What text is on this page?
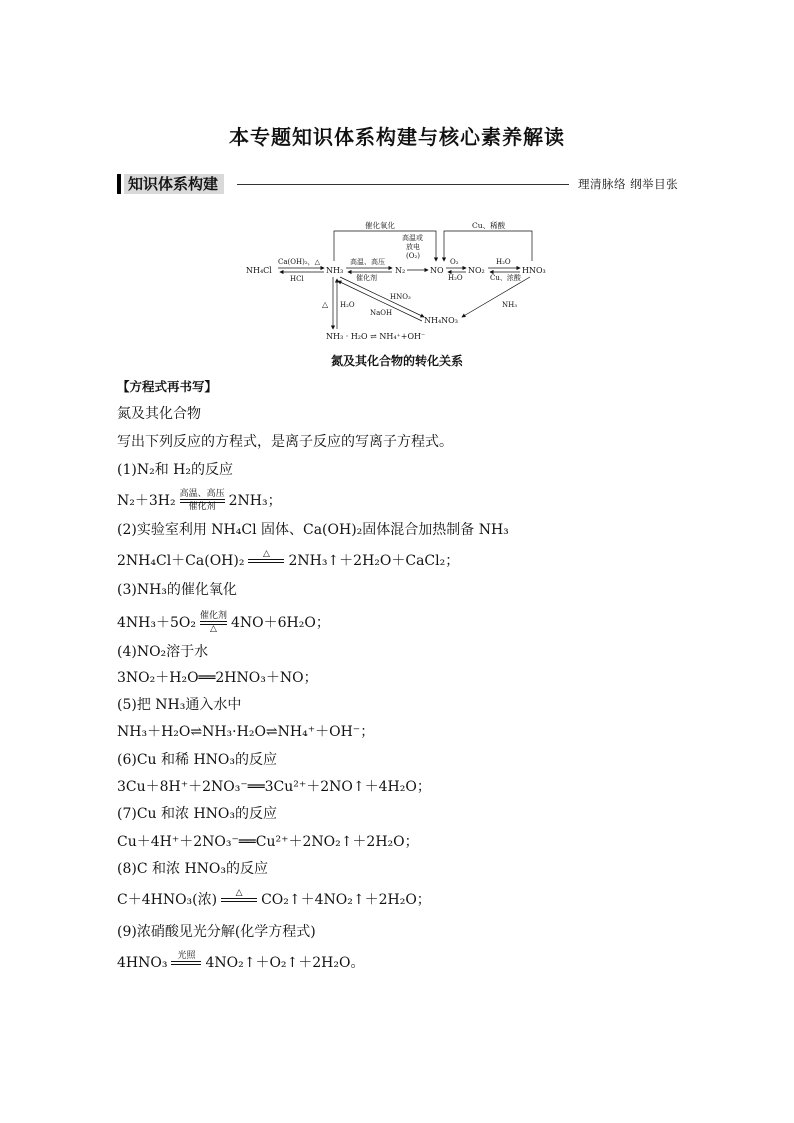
本专题知识体系构建与核心素养解读
知识体系构建	理清脉络 纲举目张
NH₄Cl	NH₃	N₂	NO	NO₂	HNO₃
NH₄NO₃
NH₃ · H₂O ⇌ NH₄⁺+OH⁻
Ca(OH)₂，△
HCl
高温、高压
催化剂
高温或
放电
(O₂)
O₂
H₂O
H₂O
Cu、浓酸
催化氧化	Cu、稀酸
NH₃
HNO₃
NaOH
△ H₂O
氮及其化合物的转化关系
【方程式再书写】
氮及其化合物
写出下列反应的方程式，是离子反应的写离子方程式。
(1)N₂和 H₂的反应
N₂＋3H₂ 高温、高压
催化剂 2NH₃；
(2)实验室利用 NH₄Cl 固体、Ca(OH)₂固体混合加热制备 NH₃
2NH₄Cl＋Ca(OH)₂	△
	2NH₃↑＋2H₂O＋CaCl₂；
(3)NH₃的催化氧化
4NH₃＋5O₂ 催化剂
△	4NO＋6H₂O；
(4)NO₂溶于水
3NO₂＋H₂O══2HNO₃＋NO；
(5)把 NH₃通入水中
NH₃＋H₂O⇌NH₃·H₂O⇌NH₄⁺＋OH⁻；
(6)Cu 和稀 HNO₃的反应
3Cu＋8H⁺＋2NO₃⁻══3Cu²⁺＋2NO↑＋4H₂O；
(7)Cu 和浓 HNO₃的反应
Cu＋4H⁺＋2NO₃⁻══Cu²⁺＋2NO₂↑＋2H₂O；
(8)C 和浓 HNO₃的反应
C＋4HNO₃(浓)	△
	CO₂↑＋4NO₂↑＋2H₂O；
(9)浓硝酸见光分解(化学方程式)
4HNO₃	光照
4NO₂↑＋O₂↑＋2H₂O。
